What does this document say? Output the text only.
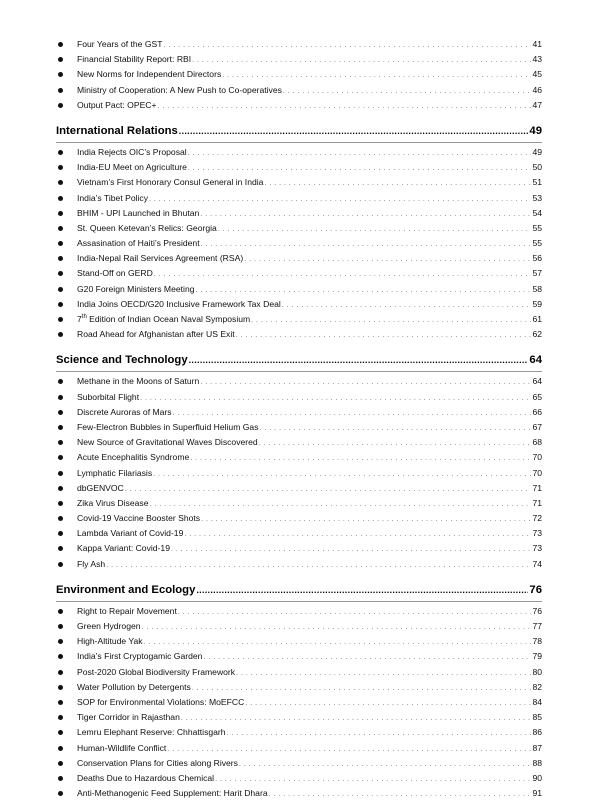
Four Years of the GST . . .	41
Financial Stability Report: RBI . . .	43
New Norms for Independent Directors . . .	45
Ministry of Cooperation: A New Push to Co-operatives . . .	46
Output Pact: OPEC+ . . .	47
International Relations .....	49
India Rejects OIC’s Proposal . . .	49
India-EU Meet on Agriculture . . .	50
Vietnam’s First Honorary Consul General in India . . .	51
India’s Tibet Policy . . .	53
BHIM - UPI Launched in Bhutan . . .	54
St. Queen Ketevan’s Relics: Georgia . . .	55
Assasination of Haiti’s President . . .	55
India-Nepal Rail Services Agreement (RSA) . . .	56
Stand-Off on GERD . . .	57
G20 Foreign Ministers Meeting . . .	58
India Joins OECD/G20 Inclusive Framework Tax Deal . . .	59
7th Edition of Indian Ocean Naval Symposium . . .	61
Road Ahead for Afghanistan after US Exit . . .	62
Science and Technology .....	64
Methane in the Moons of Saturn . . .	64
Suborbital Flight . . .	65
Discrete Auroras of Mars . . .	66
Few-Electron Bubbles in Superfluid Helium Gas . . .	67
New Source of Gravitational Waves Discovered . . .	68
Acute Encephalitis Syndrome . . .	70
Lymphatic Filariasis . . .	70
dbGENVOC . . .	71
Zika Virus Disease . . .	71
Covid-19 Vaccine Booster Shots . . .	72
Lambda Variant of Covid-19 . . .	73
Kappa Variant: Covid-19 . . .	73
Fly Ash . . .	74
Environment and Ecology .....	76
Right to Repair Movement . . .	76
Green Hydrogen . . .	77
High-Altitude Yak . . .	78
India’s First Cryptogamic Garden . . .	79
Post-2020 Global Biodiversity Framework . . .	80
Water Pollution by Detergents . . .	82
SOP for Environmental Violations: MoEFCC . . .	84
Tiger Corridor in Rajasthan . . .	85
Lemru Elephant Reserve: Chhattisgarh . . .	86
Human-Wildlife Conflict . . .	87
Conservation Plans for Cities along Rivers . . .	88
Deaths Due to Hazardous Chemical . . .	90
Anti-Methanogenic Feed Supplement: Harit Dhara . . .	91
